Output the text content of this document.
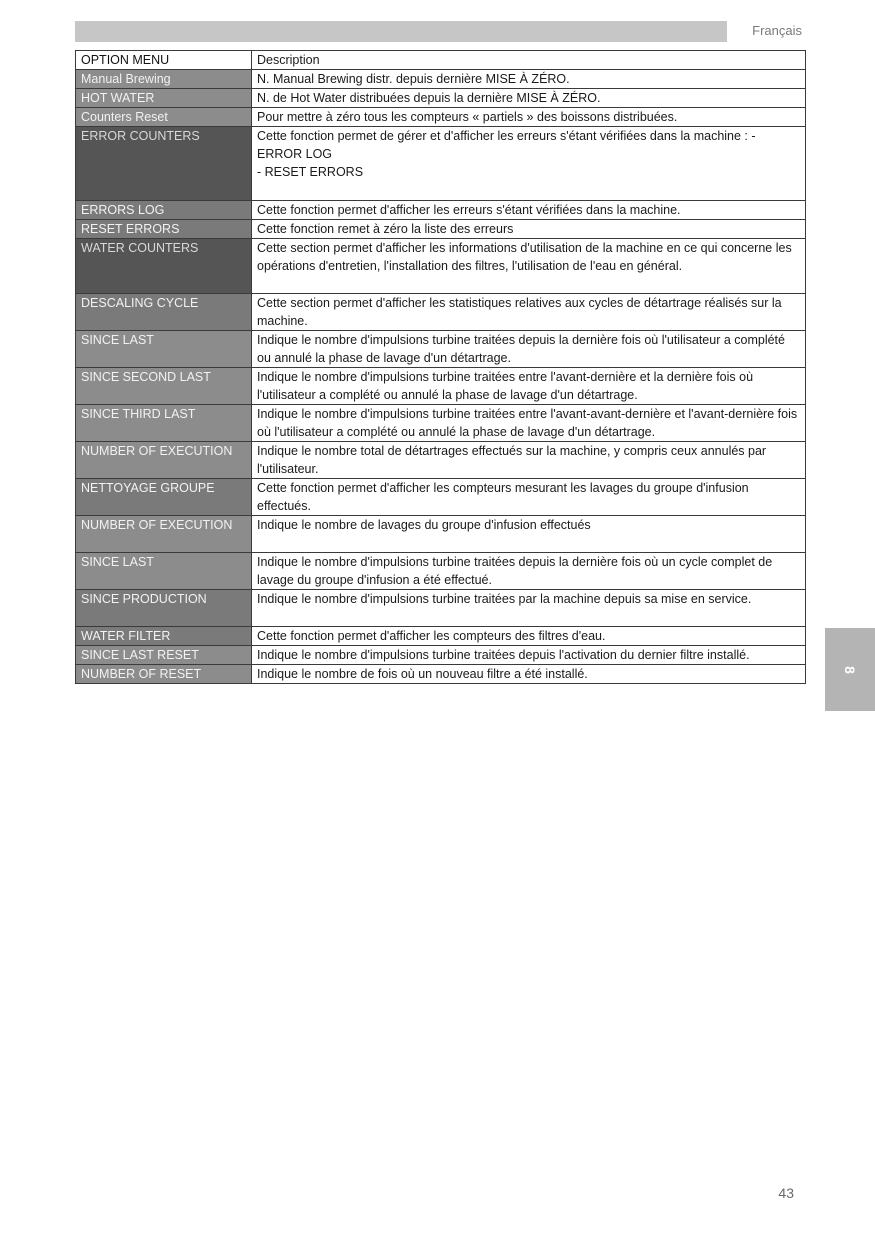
Français
OPTION MENU	Description
Manual Brewing	N. Manual Brewing distr. depuis dernière MISE À ZÉRO.
HOT WATER	N. de Hot Water distribuées depuis la dernière MISE À ZÉRO.
Counters Reset	Pour mettre à zéro tous les compteurs « partiels » des boissons distribuées.
ERROR COUNTERS	Cette fonction permet de gérer et d'afficher les erreurs s'étant vérifiées dans la machine : - ERROR LOG
- RESET ERRORS

ERRORS LOG	Cette fonction permet d'afficher les erreurs s'étant vérifiées dans la machine.
RESET ERRORS	Cette fonction remet à zéro la liste des erreurs
WATER COUNTERS	Cette section permet d'afficher les informations d'utilisation de la machine en ce qui concerne les opérations d'entretien, l'installation des filtres, l'utilisation de l'eau en général.
DESCALING CYCLE	Cette section permet d'afficher les statistiques relatives aux cycles de détartrage réalisés sur la machine.
SINCE LAST	Indique le nombre d'impulsions turbine traitées depuis la dernière fois où l'utilisateur a complété ou annulé la phase de lavage d'un détartrage.
SINCE SECOND LAST	Indique le nombre d'impulsions turbine traitées entre l'avant-dernière et la dernière fois où l'utilisateur a complété ou annulé la phase de lavage d'un détartrage.
SINCE THIRD LAST	Indique le nombre d'impulsions turbine traitées entre l'avant-avant-dernière et l'avant-dernière fois où l'utilisateur a complété ou annulé la phase de lavage d'un détartrage.
NUMBER OF EXECUTION	Indique le nombre total de détartrages effectués sur la machine, y compris ceux annulés par l'utilisateur.
NETTOYAGE GROUPE	Cette fonction permet d'afficher les compteurs mesurant les lavages du groupe d'infusion effectués.
NUMBER OF EXECUTION	Indique le nombre de lavages du groupe d'infusion effectués
SINCE LAST	Indique le nombre d'impulsions turbine traitées depuis la dernière fois où un cycle complet de lavage du groupe d'infusion a été effectué.
SINCE PRODUCTION	Indique le nombre d'impulsions turbine traitées par la machine depuis sa mise en service.
WATER FILTER	Cette fonction permet d'afficher les compteurs des filtres d'eau.
SINCE LAST RESET	Indique le nombre d'impulsions turbine traitées depuis l'activation du dernier filtre installé.
NUMBER OF RESET	Indique le nombre de fois où un nouveau filtre a été installé.	8
43
